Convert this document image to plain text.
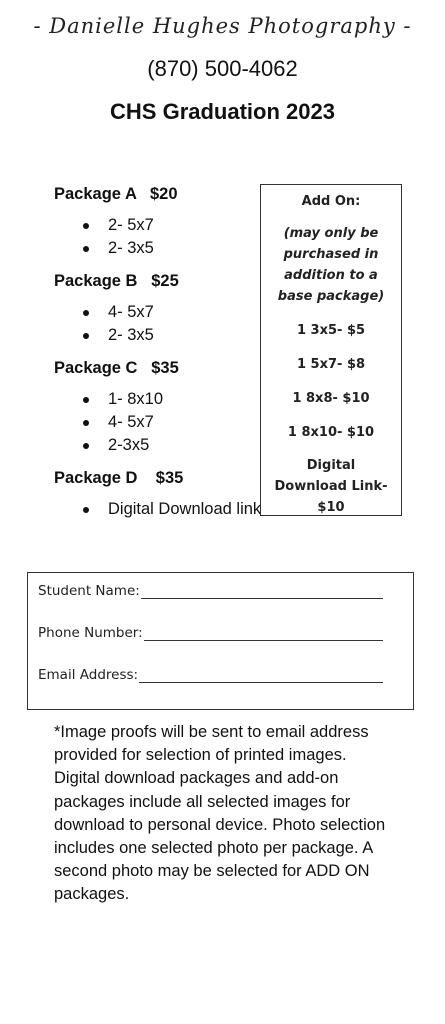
- Danielle Hughes Photography -
(870) 500-4062
CHS Graduation 2023
Package A   $20
2- 5x7
2- 3x5
Package B   $25
4- 5x7
2- 3x5
Package C   $35
1- 8x10
4- 5x7
2-3x5
Package D    $35
Digital Download link
Add On:
(may only be purchased in addition to a base package)
1 3x5- $5
1 5x7- $8
1 8x8- $10
1 8x10- $10
Digital Download Link- $10
Student Name:
Phone Number:
Email Address:
*Image proofs will be sent to email address provided for selection of printed images. Digital download packages and add-on packages include all selected images for download to personal device. Photo selection includes one selected photo per package. A second photo may be selected for ADD ON packages.
